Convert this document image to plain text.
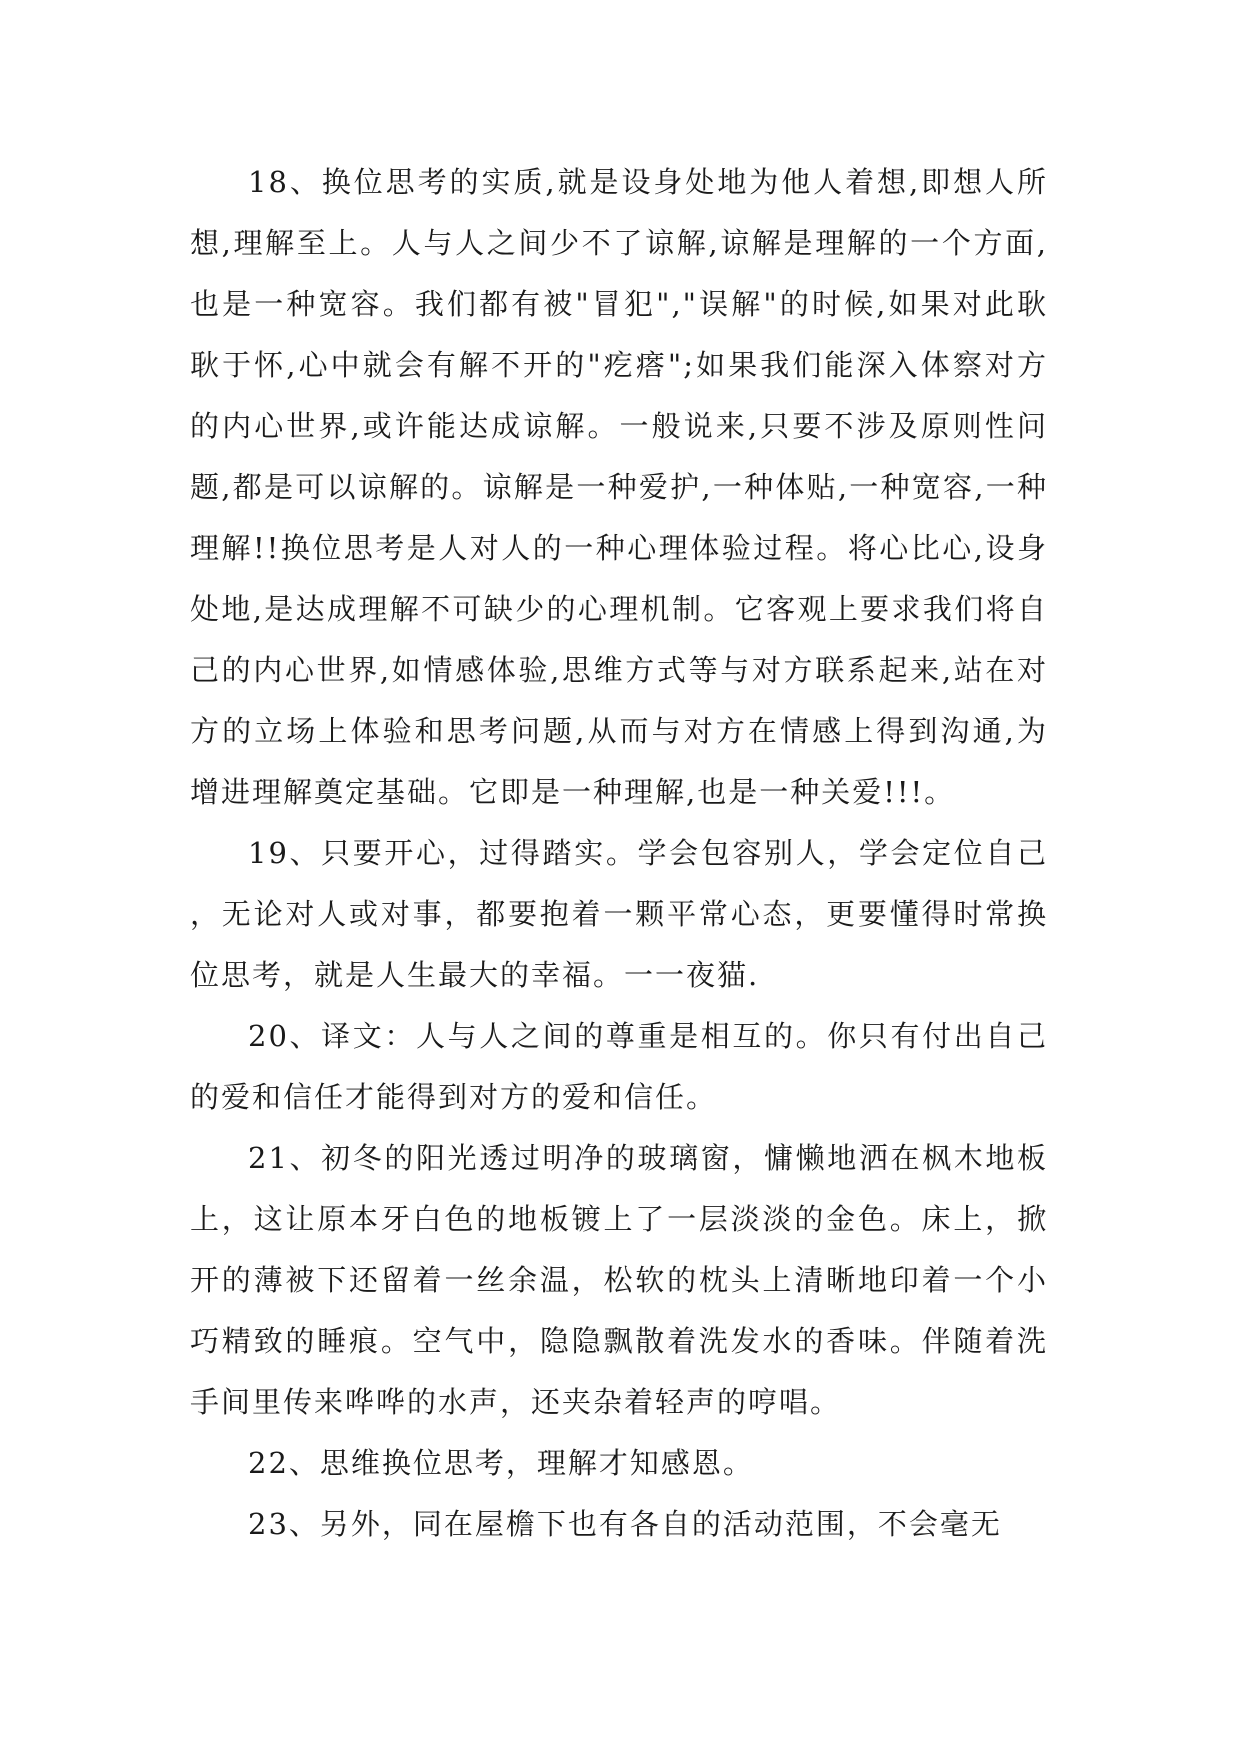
18、换位思考的实质,就是设身处地为他人着想,即想人所想,理解至上。人与人之间少不了谅解,谅解是理解的一个方面,也是一种宽容。我们都有被"冒犯","误解"的时候,如果对此耿耿于怀,心中就会有解不开的"疙瘩";如果我们能深入体察对方的内心世界,或许能达成谅解。一般说来,只要不涉及原则性问题,都是可以谅解的。谅解是一种爱护,一种体贴,一种宽容,一种理解!!换位思考是人对人的一种心理体验过程。将心比心,设身处地,是达成理解不可缺少的心理机制。它客观上要求我们将自己的内心世界,如情感体验,思维方式等与对方联系起来,站在对方的立场上体验和思考问题,从而与对方在情感上得到沟通,为增进理解奠定基础。它即是一种理解,也是一种关爱!!!。

19、只要开心，过得踏实。学会包容别人，学会定位自己，无论对人或对事，都要抱着一颗平常心态，更要懂得时常换位思考，就是人生最大的幸福。一一夜猫.

20、译文：人与人之间的尊重是相互的。你只有付出自己的爱和信任才能得到对方的爱和信任。

21、初冬的阳光透过明净的玻璃窗，慵懒地洒在枫木地板上，这让原本牙白色的地板镀上了一层淡淡的金色。床上，掀开的薄被下还留着一丝余温，松软的枕头上清晰地印着一个小巧精致的睡痕。空气中，隐隐飘散着洗发水的香味。伴随着洗手间里传来哗哗的水声，还夹杂着轻声的哼唱。

22、思维换位思考，理解才知感恩。

23、另外，同在屋檐下也有各自的活动范围，不会毫无
